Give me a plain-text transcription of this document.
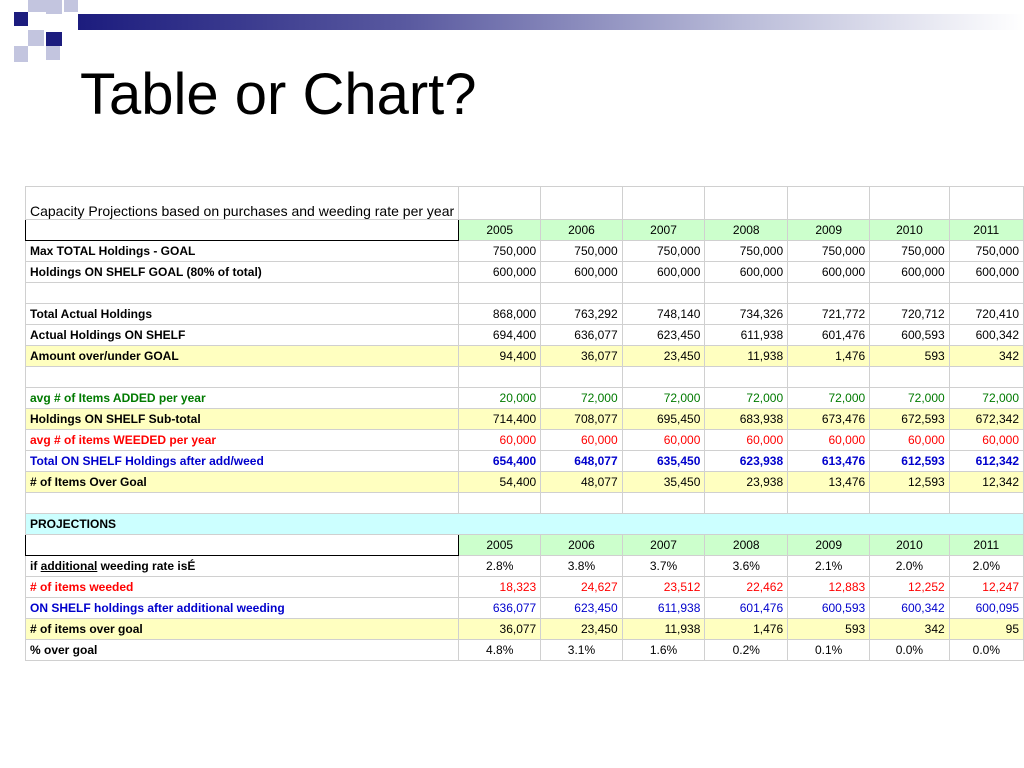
Table or Chart?
Capacity Projections based on purchases and weeding rate per year							
	2005	2006	2007	2008	2009	2010	2011
Max TOTAL Holdings - GOAL	750,000	750,000	750,000	750,000	750,000	750,000	750,000
Holdings ON SHELF GOAL (80% of total)	600,000	600,000	600,000	600,000	600,000	600,000	600,000

Total Actual Holdings	868,000	763,292	748,140	734,326	721,772	720,712	720,410
Actual Holdings ON SHELF	694,400	636,077	623,450	611,938	601,476	600,593	600,342
Amount over/under GOAL	94,400	36,077	23,450	11,938	1,476	593	342

avg # of Items ADDED per year	20,000	72,000	72,000	72,000	72,000	72,000	72,000
Holdings ON SHELF Sub-total	714,400	708,077	695,450	683,938	673,476	672,593	672,342
avg # of items WEEDED per year	60,000	60,000	60,000	60,000	60,000	60,000	60,000
Total ON SHELF Holdings after add/weed	654,400	648,077	635,450	623,938	613,476	612,593	612,342
# of Items Over Goal	54,400	48,077	35,450	23,938	13,476	12,593	12,342

PROJECTIONS							
	2005	2006	2007	2008	2009	2010	2011
if additional weeding rate isÉ	2.8%	3.8%	3.7%	3.6%	2.1%	2.0%	2.0%
# of items weeded	18,323	24,627	23,512	22,462	12,883	12,252	12,247
ON SHELF holdings after additional weeding	636,077	623,450	611,938	601,476	600,593	600,342	600,095
# of items over goal	36,077	23,450	11,938	1,476	593	342	95
% over goal	4.8%	3.1%	1.6%	0.2%	0.1%	0.0%	0.0%
